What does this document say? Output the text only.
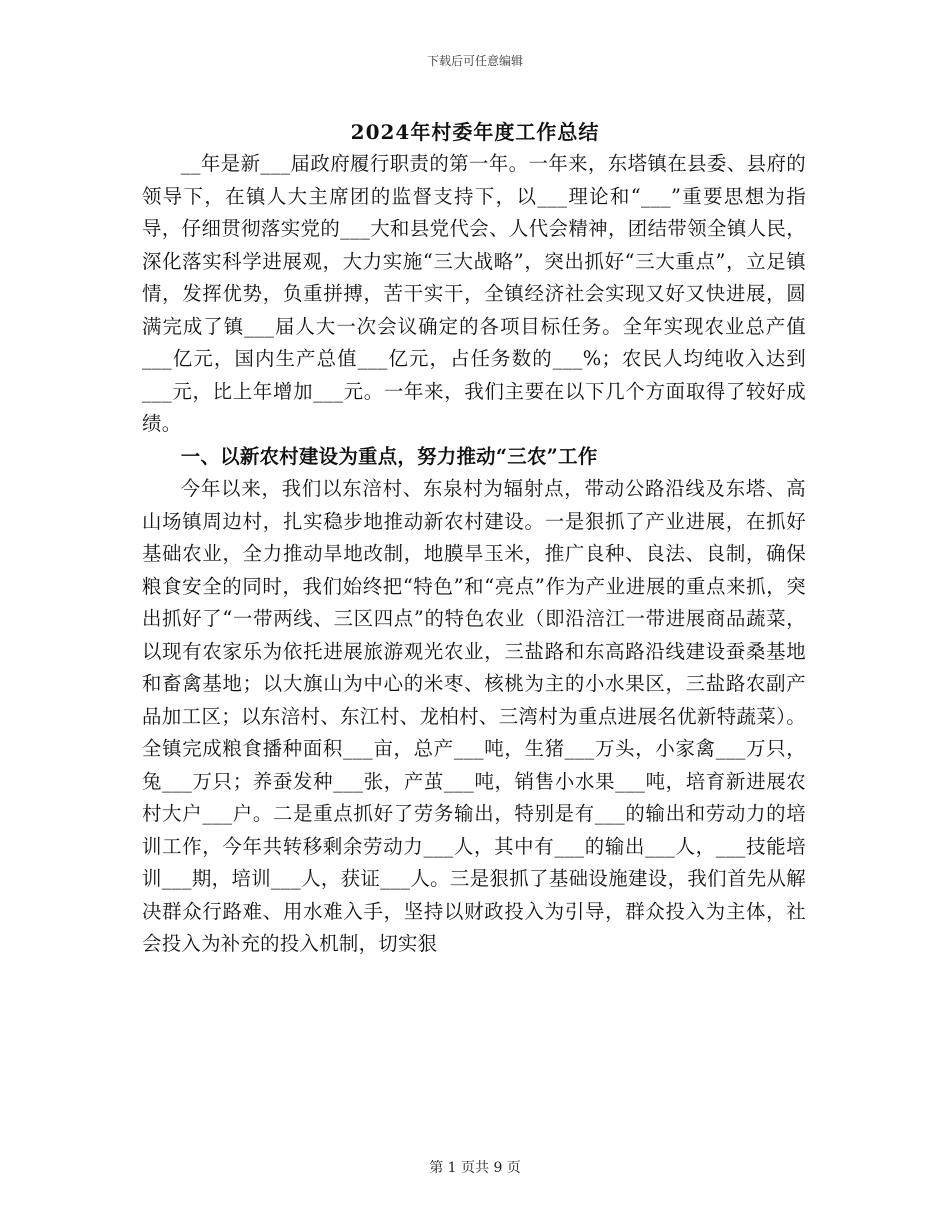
下载后可任意编辑
2024年村委年度工作总结

__年是新___届政府履行职责的第一年。一年来，东塔镇在县委、县府的领导下，在镇人大主席团的监督支持下，以___理论和“___”重要思想为指导，仔细贯彻落实党的___大和县党代会、人代会精神，团结带领全镇人民，深化落实科学进展观，大力实施“三大战略”，突出抓好“三大重点”，立足镇情，发挥优势，负重拼搏，苦干实干，全镇经济社会实现又好又快进展，圆满完成了镇___届人大一次会议确定的各项目标任务。全年实现农业总产值___亿元，国内生产总值___亿元，占任务数的___%；农民人均纯收入达到___元，比上年增加___元。一年来，我们主要在以下几个方面取得了较好成绩。

一、以新农村建设为重点，努力推动“三农”工作

今年以来，我们以东涪村、东泉村为辐射点，带动公路沿线及东塔、高山场镇周边村，扎实稳步地推动新农村建设。一是狠抓了产业进展，在抓好基础农业，全力推动旱地改制，地膜旱玉米，推广良种、良法、良制，确保粮食安全的同时，我们始终把“特色”和“亮点”作为产业进展的重点来抓，突出抓好了“一带两线、三区四点”的特色农业（即沿涪江一带进展商品蔬菜，以现有农家乐为依托进展旅游观光农业，三盐路和东高路沿线建设蚕桑基地和畜禽基地；以大旗山为中心的米枣、核桃为主的小水果区，三盐路农副产品加工区；以东涪村、东江村、龙柏村、三湾村为重点进展名优新特蔬菜）。全镇完成粮食播种面积___亩，总产___吨，生猪___万头，小家禽___万只，兔___万只；养蚕发种___张，产茧___吨，销售小水果___吨，培育新进展农村大户___户。二是重点抓好了劳务输出，特别是有___的输出和劳动力的培训工作，今年共转移剩余劳动力___人，其中有___的输出___人，___技能培训___期，培训___人，获证___人。三是狠抓了基础设施建设，我们首先从解决群众行路难、用水难入手，坚持以财政投入为引导，群众投入为主体，社会投入为补充的投入机制，切实狠

第 1 页共 9 页
